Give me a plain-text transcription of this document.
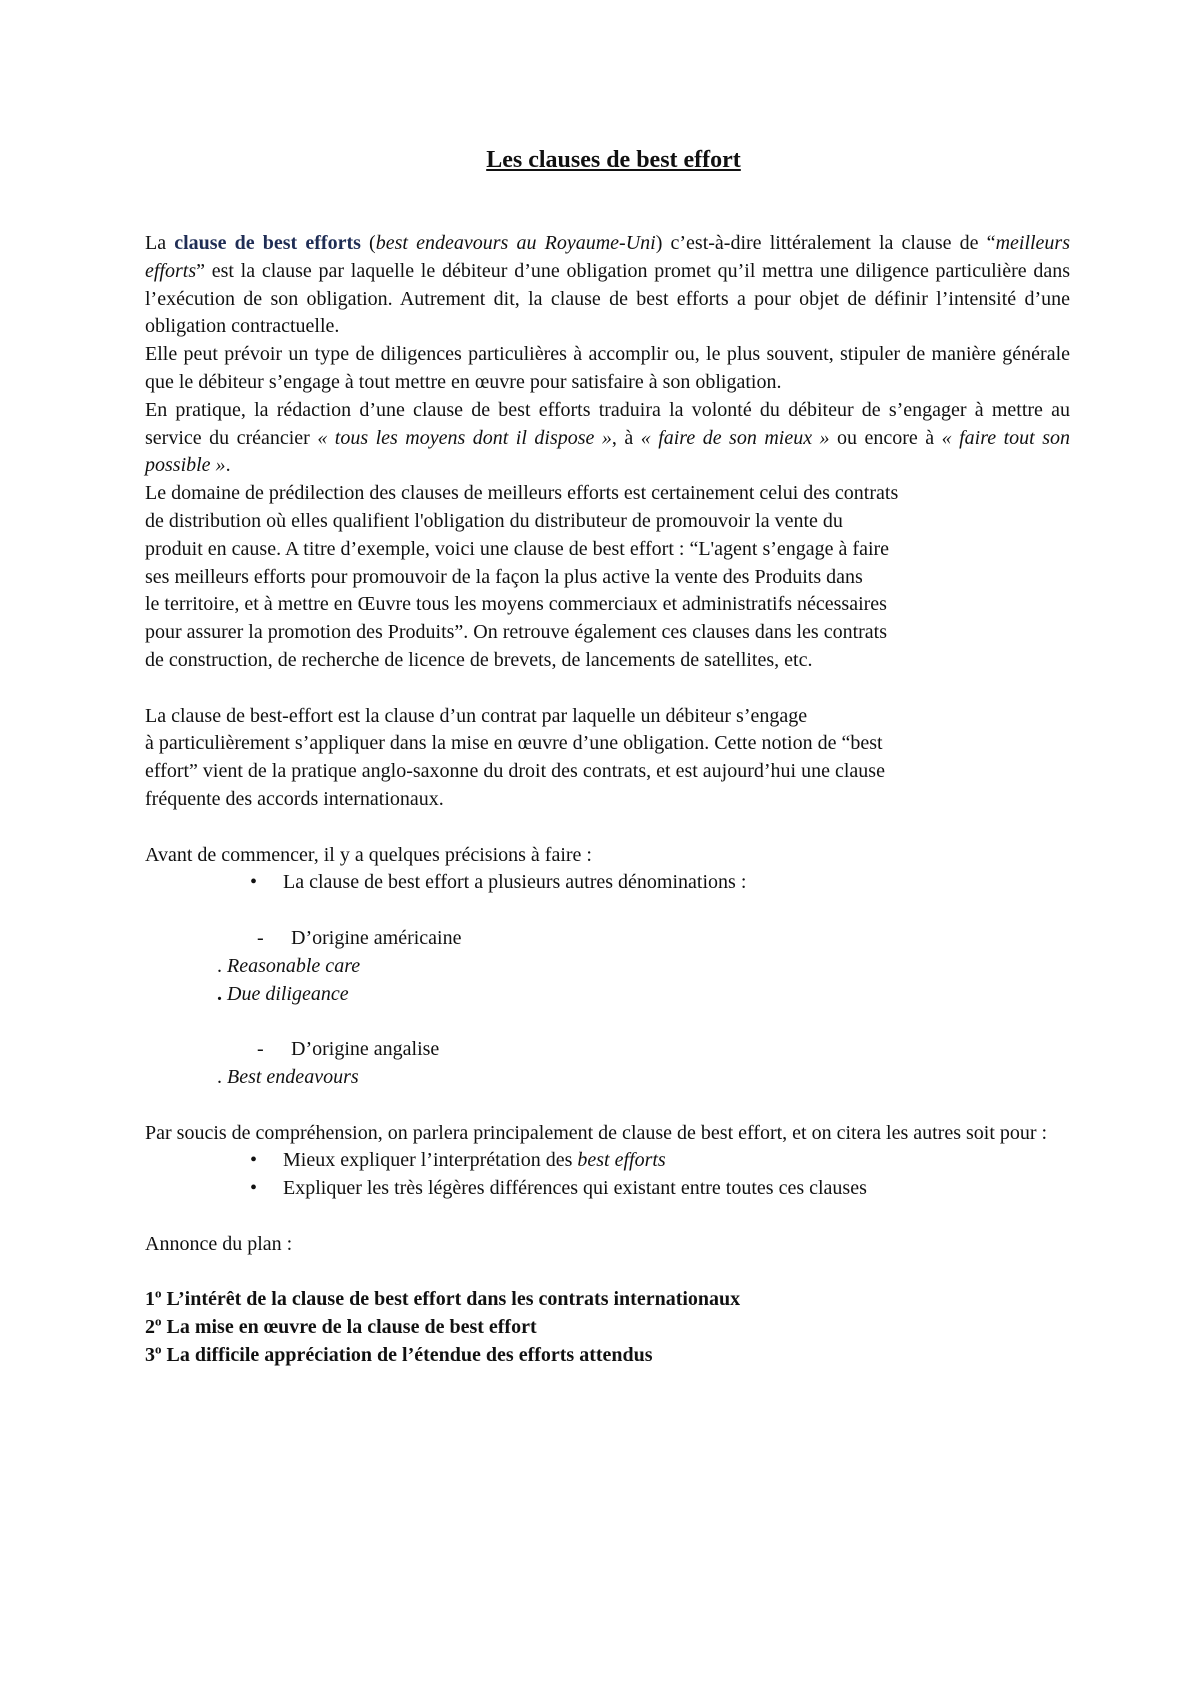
Les clauses de best effort

La clause de best efforts (best endeavours au Royaume-Uni) c’est-à-dire littéralement la clause de “meilleurs efforts” est la clause par laquelle le débiteur d’une obligation promet qu’il mettra une diligence particulière dans l’exécution de son obligation. Autrement dit, la clause de best efforts a pour objet de définir l’intensité d’une obligation contractuelle.

Elle peut prévoir un type de diligences particulières à accomplir ou, le plus souvent, stipuler de manière générale que le débiteur s’engage à tout mettre en œuvre pour satisfaire à son obligation.

En pratique, la rédaction d’une clause de best efforts traduira la volonté du débiteur de s’engager à mettre au service du créancier « tous les moyens dont il dispose », à « faire de son mieux » ou encore à « faire tout son possible ».

Le domaine de prédilection des clauses de meilleurs efforts est certainement celui des contrats
de distribution où elles qualifient l'obligation du distributeur de promouvoir la vente du
produit en cause. A titre d’exemple, voici une clause de best effort : “L'agent s’engage à faire
ses meilleurs efforts pour promouvoir de la façon la plus active la vente des Produits dans
le territoire, et à mettre en Œuvre tous les moyens commerciaux et administratifs nécessaires
pour assurer la promotion des Produits”. On retrouve également ces clauses dans les contrats
de construction, de recherche de licence de brevets, de lancements de satellites, etc.
La clause de best-effort est la clause d’un contrat par laquelle un débiteur s’engage
à particulièrement s’appliquer dans la mise en œuvre d’une obligation. Cette notion de “best
effort” vient de la pratique anglo-saxonne du droit des contrats, et est aujourd’hui une clause
fréquente des accords internationaux.

Avant de commencer, il y a quelques précisions à faire :

• La clause de best effort a plusieurs autres dénominations :
- D’origine américaine
. Reasonable care
. Due diligeance
- D’origine angalise
. Best endeavours

Par soucis de compréhension, on parlera principalement de clause de best effort, et on citera les autres soit pour :

• Mieux expliquer l’interprétation des best efforts
• Expliquer les très légères différences qui existant entre toutes ces clauses

Annonce du plan :

1$^o$ L’intérêt de la clause de best effort dans les contrats internationaux
2$^o$ La mise en œuvre de la clause de best effort
3$^o$ La difficile appréciation de l’étendue des efforts attendus
